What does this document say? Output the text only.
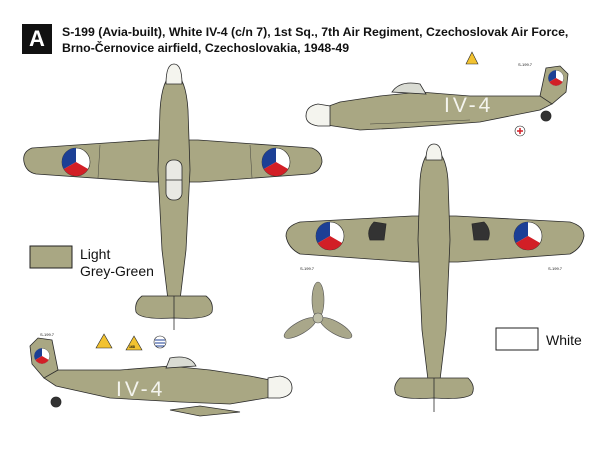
A	S-199 (Avia-built), White IV-4 (c/n 7), 1st Sq., 7th Air Regiment, Czechoslovak Air Force,
Brno-Černovice airfield, Czechoslovakia, 1948-49
IV-4
S-199.7
S-199.7	S-199.7
IV-4
S-199.7
168
Light
Grey-Green
White
